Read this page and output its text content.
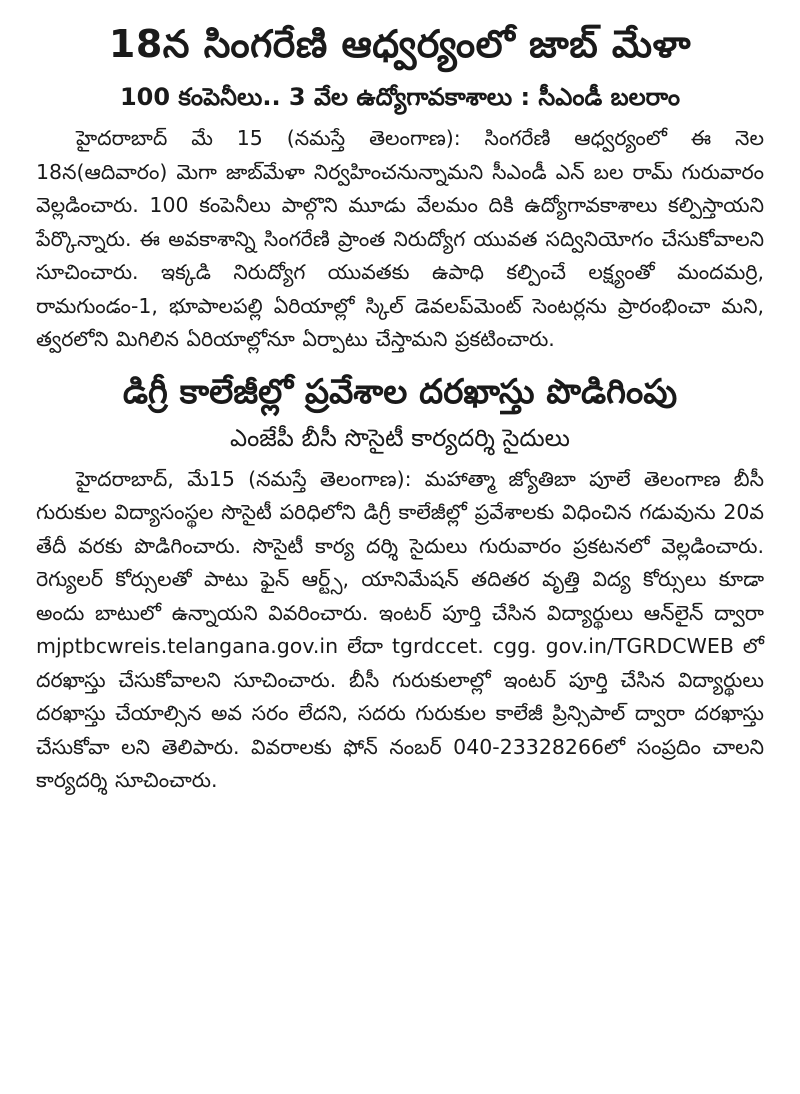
18న సింగరేణి ఆధ్వర్యంలో జాబ్ మేళా
100 కంపెనీలు.. 3 వేల ఉద్యోగావకాశాలు : సీఎండీ బలరాం

హైదరాబాద్ మే 15 (నమస్తే తెలంగాణ): సింగరేణి ఆధ్వర్యంలో ఈ నెల 18న(ఆదివారం) మెగా జాబ్‌మేళా నిర్వహించనున్నామని సీఎండీ ఎన్ బల రామ్ గురువారం వెల్లడించారు. 100 కంపెనీలు పాల్గొని మూడు వేలమం దికి ఉద్యోగావకాశాలు కల్పిస్తాయని పేర్కొన్నారు. ఈ అవకాశాన్ని సింగరేణి ప్రాంత నిరుద్యోగ యువత సద్వినియోగం చేసుకోవాలని సూచించారు. ఇక్కడి నిరుద్యోగ యువతకు ఉపాధి కల్పించే లక్ష్యంతో మందమర్రి, రామగుండం-1, భూపాలపల్లి ఏరియాల్లో స్కిల్ డెవలప్‌మెంట్ సెంటర్లను ప్రారంభించా మని, త్వరలోని మిగిలిన ఏరియాల్లోనూ ఏర్పాటు చేస్తామని ప్రకటించారు.

డిగ్రీ కాలేజీల్లో ప్రవేశాల దరఖాస్తు పొడిగింపు
ఎంజేపీ బీసీ సొసైటీ కార్యదర్శి సైదులు

హైదరాబాద్, మే15 (నమస్తే తెలంగాణ): మహాత్మా జ్యోతిబా పూలే తెలంగాణ బీసీ గురుకుల విద్యాసంస్థల సొసైటీ పరిధిలోని డిగ్రీ కాలేజీల్లో ప్రవేశాలకు విధించిన గడువును 20వ తేదీ వరకు పొడిగించారు. సొసైటీ కార్య దర్శి సైదులు గురువారం ప్రకటనలో వెల్లడించారు. రెగ్యులర్ కోర్సులతో పాటు ఫైన్ ఆర్ట్స్, యానిమేషన్ తదితర వృత్తి విద్య కోర్సులు కూడా అందు బాటులో ఉన్నాయని వివరించారు. ఇంటర్ పూర్తి చేసిన విద్యార్థులు ఆన్‌లైన్ ద్వారా mjptbcwreis.telangana.gov.in లేదా tgrdccet. cgg. gov.in/TGRDCWEB లో దరఖాస్తు చేసుకోవాలని సూచించారు. బీసీ గురుకులాల్లో ఇంటర్ పూర్తి చేసిన విద్యార్థులు దరఖాస్తు చేయాల్సిన అవ సరం లేదని, సదరు గురుకుల కాలేజీ ప్రిన్సిపాల్ ద్వారా దరఖాస్తు చేసుకోవా లని తెలిపారు. వివరాలకు ఫోన్ నంబర్ 040-23328266లో సంప్రదిం చాలని కార్యదర్శి సూచించారు.
